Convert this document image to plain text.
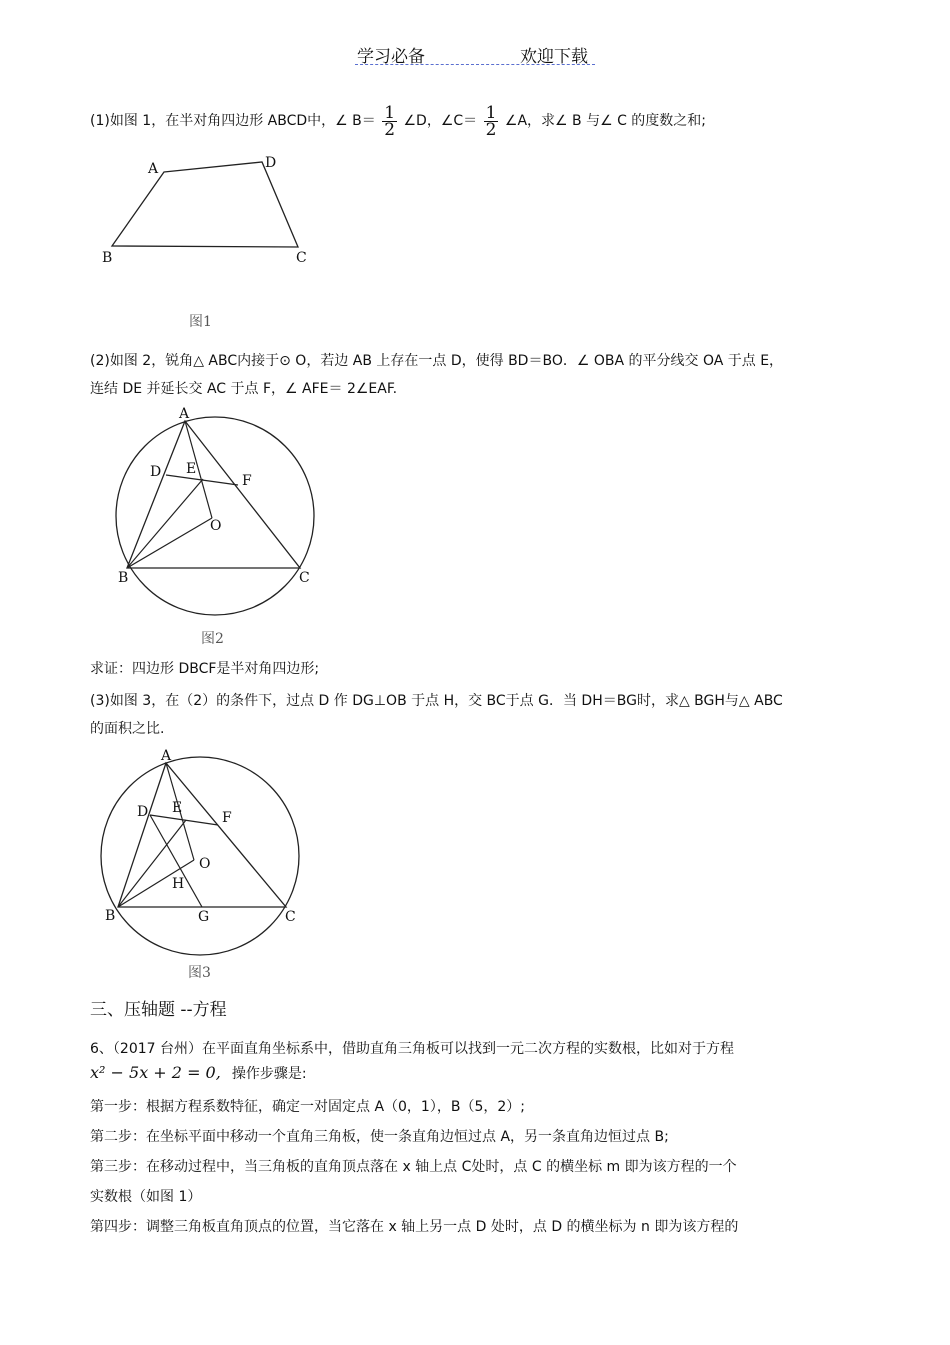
学习必备	欢迎下载
(1)如图 1，在半对角四边形 ABCD中，∠ $B= \frac{1}{2}$ ∠D，∠C＝ $\frac{1}{2}$ ∠A，求∠ B 与∠ C 的度数之和;
A	D
B	C
图1
(2)如图 2，锐角△ ABC内接于⊙ O，若边 AB 上存在一点 D，使得 BD＝BO．∠ OBA 的平分线交 OA 于点 E，
连结 DE 并延长交 AC 于点 F，∠ AFE＝ 2∠EAF.
A
D E
F
O
B	C
图2
求证：四边形 DBCF是半对角四边形;
(3)如图 3，在（2）的条件下，过点 D 作 DG⊥OB 于点 H，交 BC于点 G．当 DH＝BG时，求△ BGH与△ ABC
的面积之比.
A
D E
F
O
H
B	G	C
图3
三、压轴题 --方程
6、（2017 台州）在平面直角坐标系中，借助直角三角板可以找到一元二次方程的实数根，比如对于方程
x² − 5x + 2 = 0, 操作步骤是:
第一步：根据方程系数特征，确定一对固定点 A（0，1），B（5，2）;
第二步：在坐标平面中移动一个直角三角板，使一条直角边恒过点 A，另一条直角边恒过点 B;
第三步：在移动过程中，当三角板的直角顶点落在 x 轴上点 C处时，点 C 的横坐标 m 即为该方程的一个
实数根（如图 1）
第四步：调整三角板直角顶点的位置，当它落在 x 轴上另一点 D 处时，点 D 的横坐标为 n 即为该方程的
